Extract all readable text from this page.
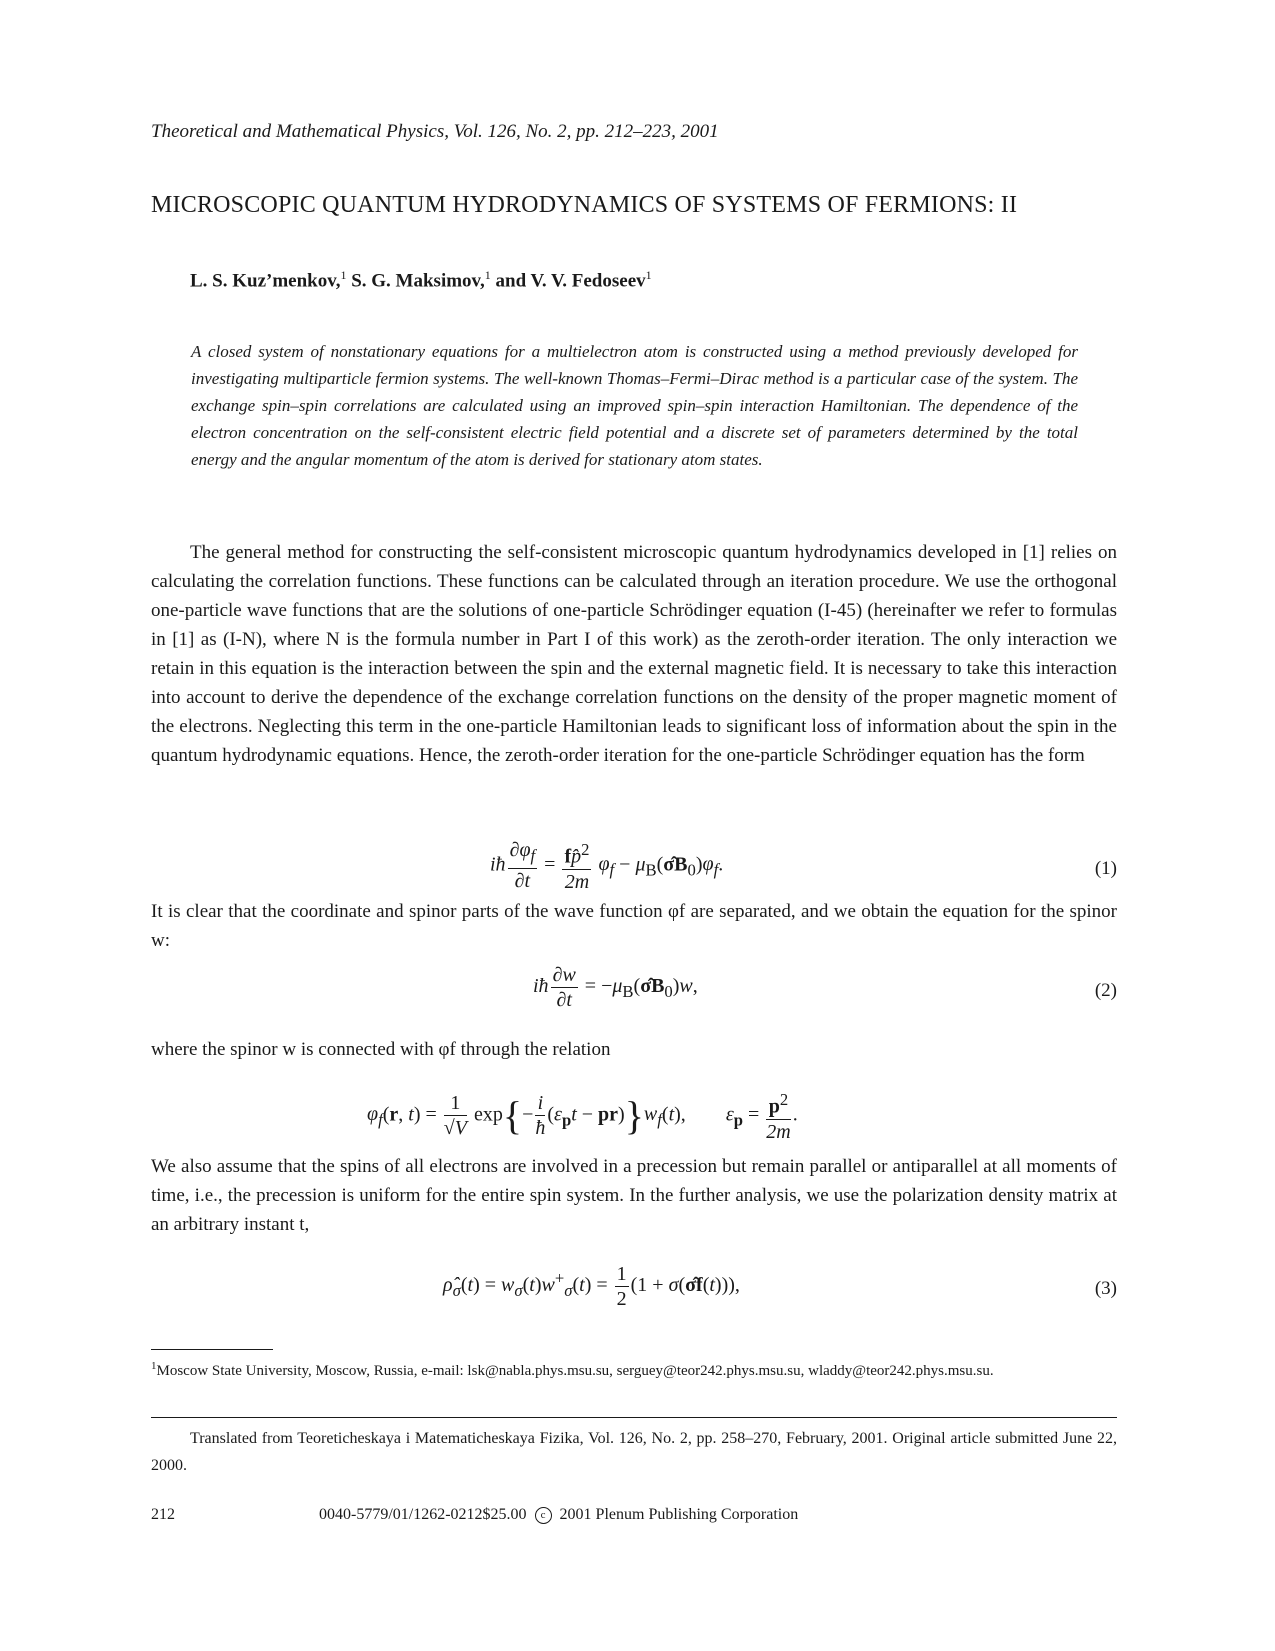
Theoretical and Mathematical Physics, Vol. 126, No. 2, pp. 212–223, 2001
MICROSCOPIC QUANTUM HYDRODYNAMICS OF SYSTEMS OF FERMIONS: II
L. S. Kuz’menkov,$^1$ S. G. Maksimov,$^1$ and V. V. Fedoseev$^1$
A closed system of nonstationary equations for a multielectron atom is constructed using a method previously developed for investigating multiparticle fermion systems. The well-known Thomas–Fermi–Dirac method is a particular case of the system. The exchange spin–spin correlations are calculated using an improved spin–spin interaction Hamiltonian. The dependence of the electron concentration on the self-consistent electric field potential and a discrete set of parameters determined by the total energy and the angular momentum of the atom is derived for stationary atom states.
The general method for constructing the self-consistent microscopic quantum hydrodynamics developed in [1] relies on calculating the correlation functions. These functions can be calculated through an iteration procedure. We use the orthogonal one-particle wave functions that are the solutions of one-particle Schrödinger equation (I-45) (hereinafter we refer to formulas in [1] as (I-N), where N is the formula number in Part I of this work) as the zeroth-order iteration. The only interaction we retain in this equation is the interaction between the spin and the external magnetic field. It is necessary to take this interaction into account to derive the dependence of the exchange correlation functions on the density of the proper magnetic moment of the electrons. Neglecting this term in the one-particle Hamiltonian leads to significant loss of information about the spin in the quantum hydrodynamic equations. Hence, the zeroth-order iteration for the one-particle Schrödinger equation has the form
iħ $\frac{\partial\varphi_f}{\partial t} = \frac{fp̂^2}{2m} \varphi_f$ − $\mu_B(\sigmâB_0)\varphi_f$.	(1)
It is clear that the coordinate and spinor parts of the wave function φf are separated, and we obtain the equation for the spinor w:
iħ $\frac{\partial w}{\partial t}$ = $-\mu_B(\sigmâB_0)w$,	(2)
where the spinor w is connected with φf through the relation
$\varphi_f(r$, $t) = \frac{1}{√V} \exp\{- \frac{i}{ħ} (\varepsilon_pt - pr)\}w_f(t)$,        $\varepsilon_p = \frac{p^2}{2m}$ .
We also assume that the spins of all electrons are involved in a precession but remain parallel or antiparallel at all moments of time, i.e., the precession is uniform for the entire spin system. In the further analysis, we use the polarization density matrix at an arbitrary instant t,
$\rhô_\sigma(t) = w_\sigma(t)w^+_\sigma(t) = \frac{1}{2} (1$ + σ(σ̂f(t))),	(3)
$^1$Moscow State University, Moscow, Russia, e-mail: lsk@nabla.phys.msu.su, serguey@teor242.phys.msu.su, wladdy@teor242.phys.msu.su.
Translated from Teoreticheskaya i Matematicheskaya Fizika, Vol. 126, No. 2, pp. 258–270, February, 2001. Original article submitted June 22, 2000.
212	0040-5779/01/1262-0212$25.00 c 2001 Plenum Publishing Corporation
